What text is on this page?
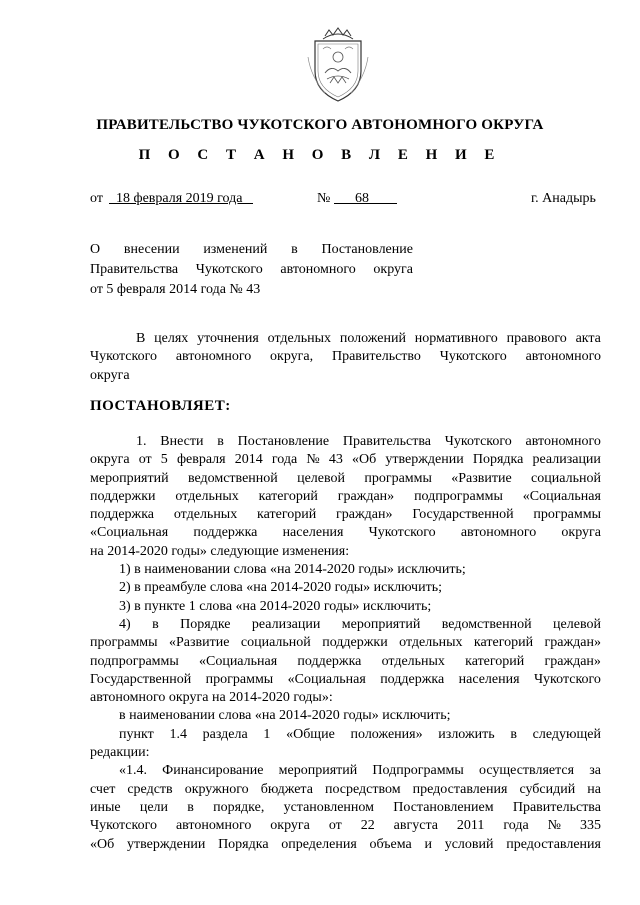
ПРАВИТЕЛЬСТВО ЧУКОТСКОГО АВТОНОМНОГО ОКРУГА
П О С Т А Н О В Л Е Н И Е
от 18 февраля 2019 года	№	68	г. Анадырь
О внесении изменений в Постановление
Правительства Чукотского автономного округа
от 5 февраля 2014 года № 43
В целях уточнения отдельных положений нормативного правового акта
Чукотского автономного округа, Правительство Чукотского автономного
округа
ПОСТАНОВЛЯЕТ:
1. Внести в Постановление Правительства Чукотского автономного
округа от 5 февраля 2014 года № 43 «Об утверждении Порядка реализации
мероприятий ведомственной целевой программы «Развитие социальной
поддержки отдельных категорий граждан» подпрограммы «Социальная
поддержка отдельных категорий граждан» Государственной программы
«Социальная поддержка населения Чукотского автономного округа
на 2014-2020 годы» следующие изменения:
1) в наименовании слова «на 2014-2020 годы» исключить;
2) в преамбуле слова «на 2014-2020 годы» исключить;
3) в пункте 1 слова «на 2014-2020 годы» исключить;
4) в Порядке реализации мероприятий ведомственной целевой
программы «Развитие социальной поддержки отдельных категорий граждан»
подпрограммы «Социальная поддержка отдельных категорий граждан»
Государственной программы «Социальная поддержка населения Чукотского
автономного округа на 2014-2020 годы»:
в наименовании слова «на 2014-2020 годы» исключить;
пункт 1.4 раздела 1 «Общие положения» изложить в следующей
редакции:
«1.4. Финансирование мероприятий Подпрограммы осуществляется за
счет средств окружного бюджета посредством предоставления субсидий на
иные цели в порядке, установленном Постановлением Правительства
Чукотского автономного округа от 22 августа 2011 года № 335
«Об утверждении Порядка определения объема и условий предоставления
